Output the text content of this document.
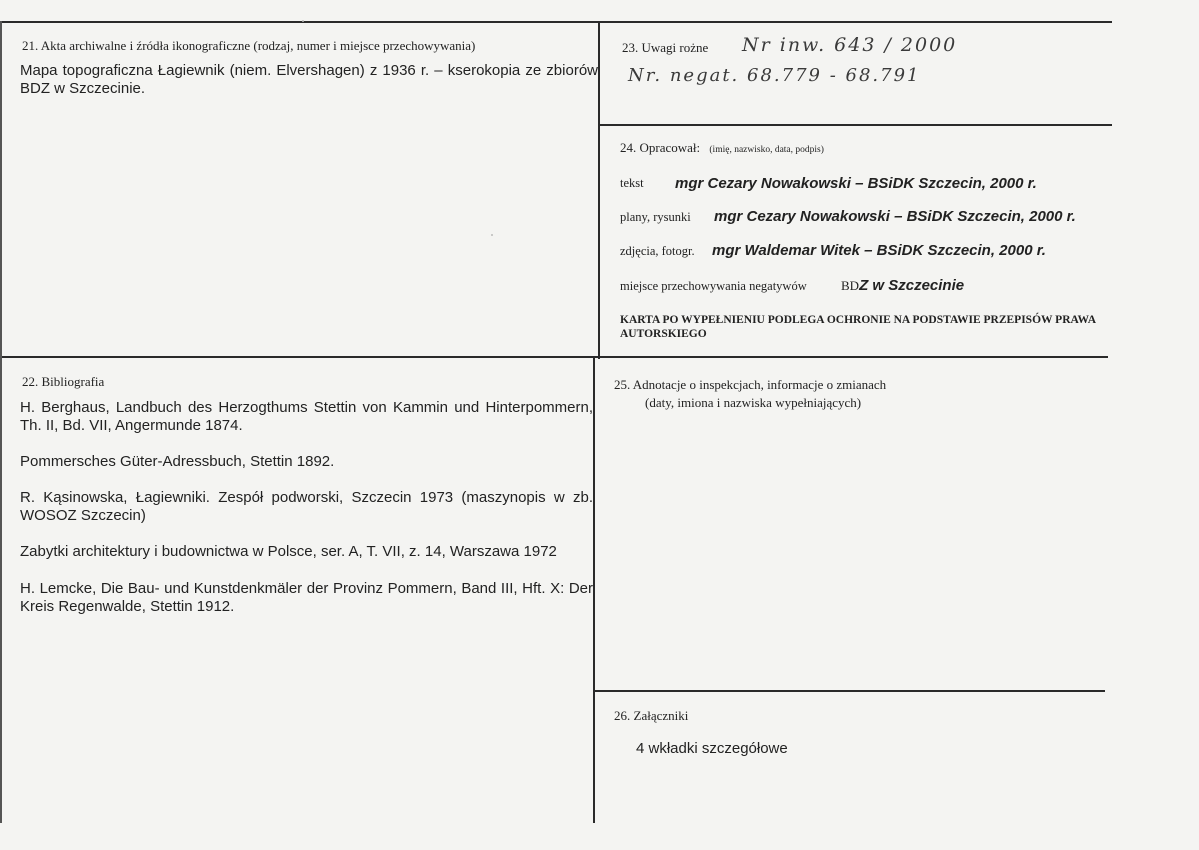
21. Akta archiwalne i źródła ikonograficzne (rodzaj, numer i miejsce przechowywania)
Mapa topograficzna Łagiewnik (niem. Elvershagen) z 1936 r. – kserokopia ze zbiorów BDZ w Szczecinie.
23. Uwagi rożne Nr inw. 643 / 2000
Nr. negat. 68.779 - 68.791
24. Opracował: (imię, nazwisko, data, podpis)
tekst mgr Cezary Nowakowski – BSiDK Szczecin, 2000 r.
plany, rysunki mgr Cezary Nowakowski – BSiDK Szczecin, 2000 r.
zdjęcia, fotogr. mgr Waldemar Witek – BSiDK Szczecin, 2000 r.
miejsce przechowywania negatywów	BDZ w Szczecinie
KARTA PO WYPEŁNIENIU PODLEGA OCHRONIE NA PODSTAWIE PRZEPISÓW PRAWA AUTORSKIEGO
22. Bibliografia
H. Berghaus, Landbuch des Herzogthums Stettin von Kammin und Hinterpommern, Th. II, Bd. VII, Angermunde 1874.
Pommersches Güter-Adressbuch, Stettin 1892.
R. Kąsinowska, Łagiewniki. Zespół podworski, Szczecin 1973 (maszynopis w zb. WOSOZ Szczecin)
Zabytki architektury i budownictwa w Polsce, ser. A, T. VII, z. 14, Warszawa 1972
H. Lemcke, Die Bau- und Kunstdenkmäler der Provinz Pommern, Band III, Hft. X: Der Kreis Regenwalde, Stettin 1912.
25. Adnotacje o inspekcjach, informacje o zmianach
(daty, imiona i nazwiska wypełniających)
26. Załączniki
4 wkładki szczegółowe
